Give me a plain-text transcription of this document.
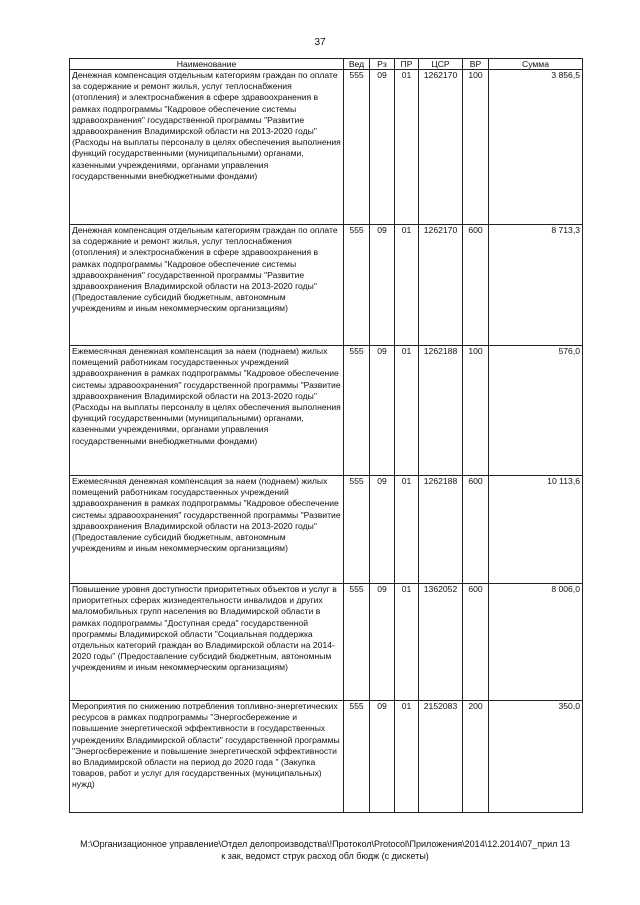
37
Наименование	Вед	Рз	ПР	ЦСР	ВР	Сумма
Денежная компенсация отдельным категориям граждан по оплате за содержание и ремонт жилья, услуг теплоснабжения (отопления) и электроснабжения в сфере здравоохранения в рамках подпрограммы "Кадровое обеспечение системы здравоохранения" государственной программы "Развитие здравоохранения Владимирской области на 2013-2020 годы" (Расходы на выплаты персоналу в целях обеспечения выполнения функций государственными (муниципальными) органами, казенными учреждениями, органами управления государственными внебюджетными фондами)	555	09	01	1262170	100	3 856,5
Денежная компенсация отдельным категориям граждан по оплате за содержание и ремонт жилья, услуг теплоснабжения (отопления) и электроснабжения в сфере здравоохранения в рамках подпрограммы "Кадровое обеспечение системы здравоохранения" государственной программы "Развитие здравоохранения Владимирской области на 2013-2020 годы" (Предоставление субсидий бюджетным, автономным учреждениям и иным некоммерческим организациям)	555	09	01	1262170	600	8 713,3
Ежемесячная денежная компенсация за наем (поднаем) жилых помещений работникам государственных учреждений здравоохранения в рамках подпрограммы "Кадровое обеспечение системы здравоохранения" государственной программы "Развитие здравоохранения Владимирской области на 2013-2020 годы" (Расходы на выплаты персоналу в целях обеспечения выполнения функций государственными (муниципальными) органами, казенными учреждениями, органами управления государственными внебюджетными фондами)	555	09	01	1262188	100	576,0
Ежемесячная денежная компенсация за наем (поднаем) жилых помещений работникам государственных учреждений здравоохранения в рамках подпрограммы "Кадровое обеспечение системы здравоохранения" государственной программы "Развитие здравоохранения Владимирской области на 2013-2020 годы" (Предоставление субсидий бюджетным, автономным учреждениям и иным некоммерческим организациям)	555	09	01	1262188	600	10 113,6
Повышение уровня доступности приоритетных объектов и услуг в приоритетных сферах жизнедеятельности инвалидов и других маломобильных групп населения во Владимирской области в рамках подпрограммы "Доступная среда" государственной программы Владимирской области "Социальная поддержка отдельных категорий граждан во Владимирской области на 2014-2020 годы" (Предоставление субсидий бюджетным, автономным учреждениям и иным некоммерческим организациям)	555	09	01	1362052	600	8 006,0
Мероприятия по снижению потребления топливно-энергетических ресурсов в рамках подпрограммы "Энергосбережение и повышение энергетической эффективности в государственных учреждениях Владимирской области" государственной программы "Энергосбережение и повышение энергетической эффективности во Владимирской области на период до 2020 года " (Закупка товаров, работ и услуг для государственных (муниципальных) нужд)	555	09	01	2152083	200	350,0
М:\Организационное управление\Отдел делопроизводства\!Протокол\Protocol\Приложения\2014\12.2014\07_прил 13
к зак, ведомст струк расход обл бюдж (с дискеты)
